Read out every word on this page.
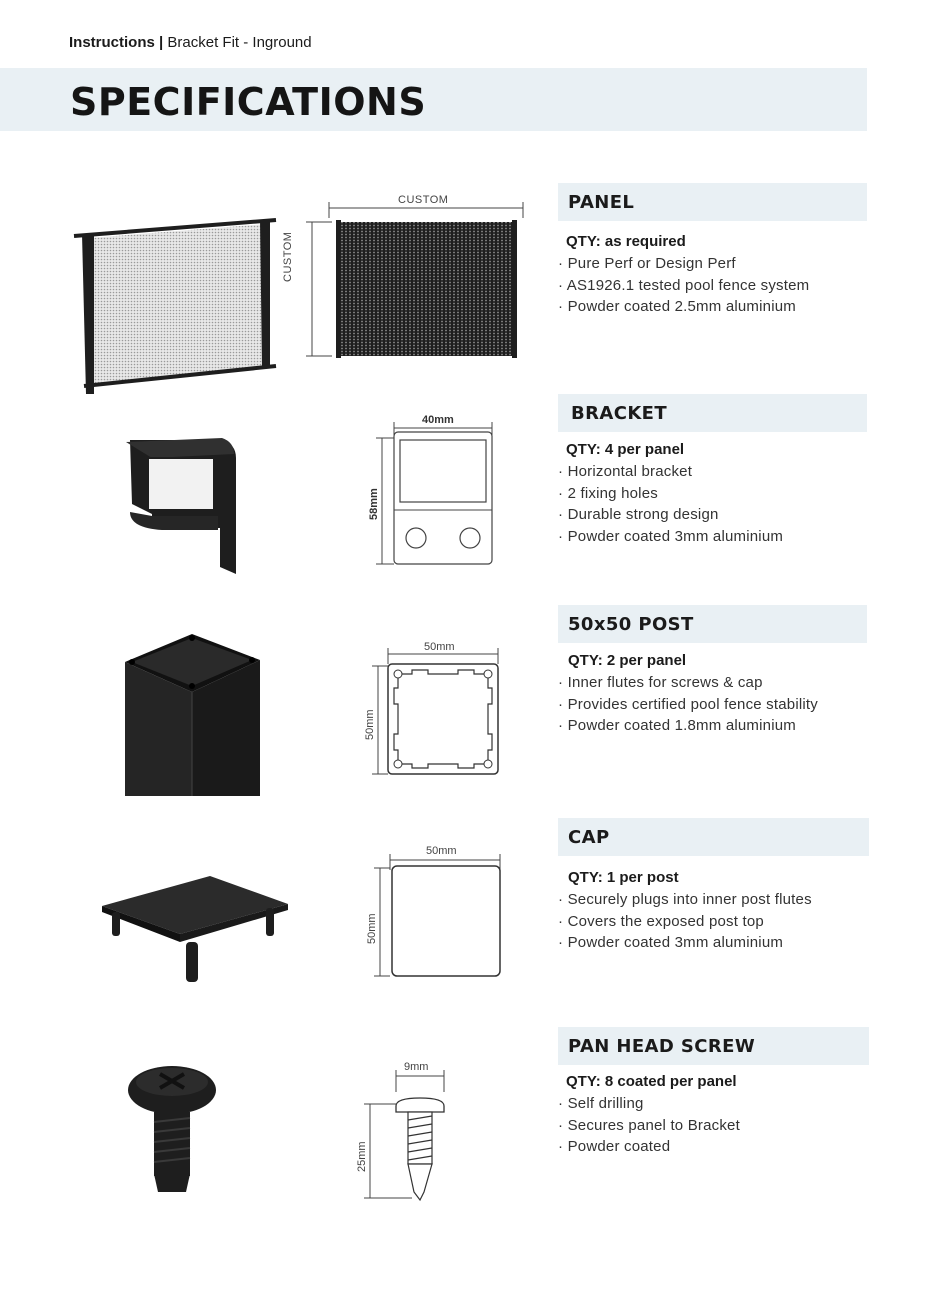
Instructions | Bracket Fit - Inground
SPECIFICATIONS
CUSTOM
CUSTOM
PANEL
QTY: as required
· Pure Perf or Design Perf
· AS1926.1 tested pool fence system
· Powder coated 2.5mm aluminium
40mm
58mm
BRACKET
QTY: 4 per panel
· Horizontal bracket
· 2 fixing holes
· Durable strong design
· Powder coated 3mm aluminium
50mm
50mm
50x50 POST
QTY: 2 per panel
· Inner flutes for screws & cap
· Provides certified pool fence stability
· Powder coated 1.8mm aluminium
50mm
50mm
CAP
QTY: 1 per post
· Securely plugs into inner post flutes
· Covers the exposed post top
· Powder coated 3mm aluminium
9mm
25mm
PAN HEAD SCREW
QTY: 8 coated per panel
· Self drilling
· Secures panel to Bracket
· Powder coated
